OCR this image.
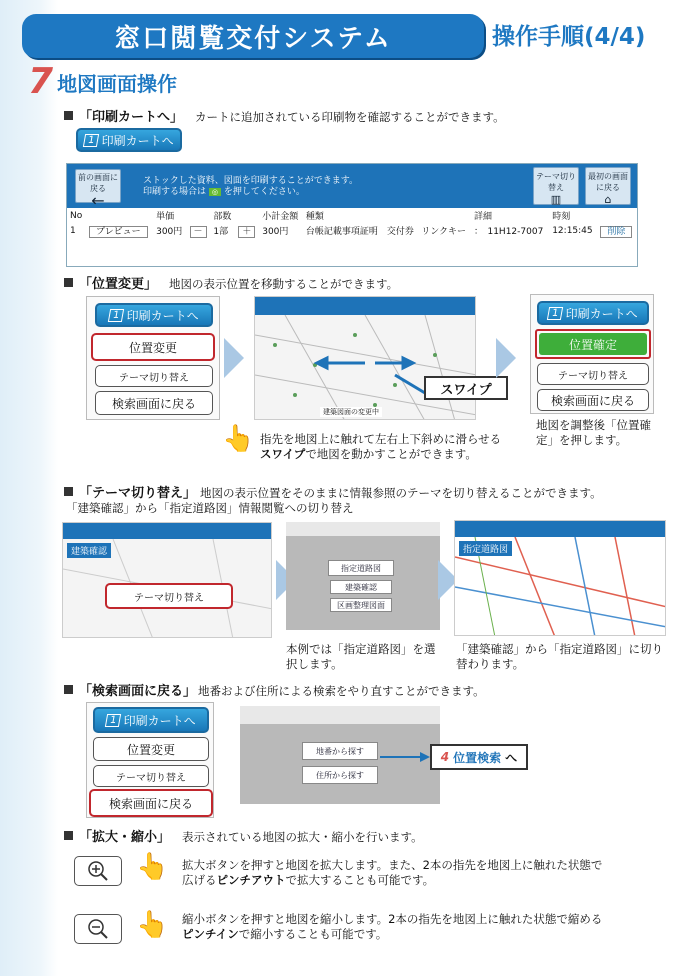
窓口閲覧交付システム	操作手順(4/4)
7 地図画面操作
「印刷カートへ」 カートに追加されている印刷物を確認することができます。
1 印刷カートへ
前の画面に戻る
←
ストックした資料、図面を印刷することができます。
印刷する場合は ◎ を押してください。
テーマ切り替え
▥
最初の画面に戻る
⌂
No		単価		部数		小計金額	種類			詳細	時刻	
1	プレビュー	300円	－	1部	＋	300円	台帳記載事項証明	交付券	リンクキー	：　11H12-7007	12:15:45	削除
「位置変更」 地図の表示位置を移動することができます。
1 印刷カートへ
位置変更
テーマ切り替え
検索画面に戻る
建築図面の変更中
スワイプ
1 印刷カートへ
位置確定
テーマ切り替え
検索画面に戻る
地図を調整後「位置確定」を押します。
👆 指先を地図上に触れて左右上下斜めに滑らせる
スワイプで地図を動かすことができます。
「テーマ切り替え」 地図の表示位置をそのままに情報参照のテーマを切り替えることができます。
「建築確認」から「指定道路図」情報閲覧への切り替え
建築確認
テーマ切り替え
指定道路図
建築確認
区画整理図面
指定道路図
本例では「指定道路図」を選択します。
「建築確認」から「指定道路図」に切り替わります。
「検索画面に戻る」 地番および住所による検索をやり直すことができます。
1 印刷カートへ
位置変更
テーマ切り替え
検索画面に戻る
地番から探す
住所から探す
4 位置検索 へ
「拡大・縮小」 表示されている地図の拡大・縮小を行います。
👆 拡大ボタンを押すと地図を拡大します。また、2本の指先を地図上に触れた状態で
広げるピンチアウトで拡大することも可能です。
👆 縮小ボタンを押すと地図を縮小します。2本の指先を地図上に触れた状態で縮める
ピンチインで縮小することも可能です。
